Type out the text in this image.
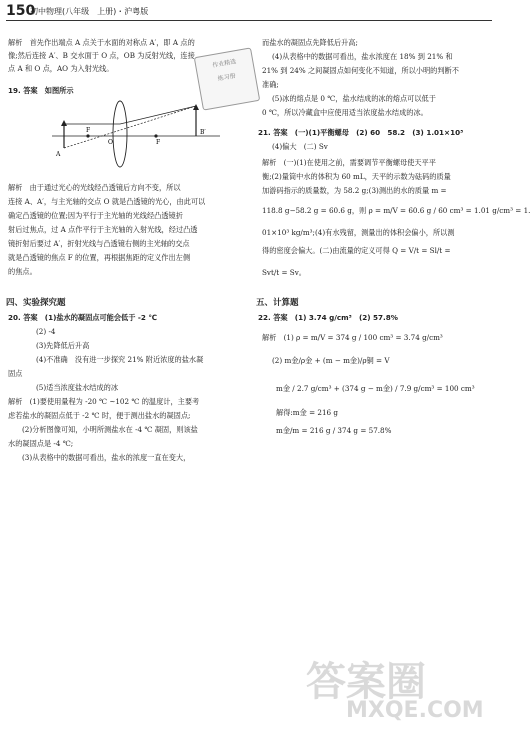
150
初中物理(八年级　上册)・沪粤版
解析　首先作出端点 A 点关于水面的对称点 A′，即 A 点的
像;然后连接 A′、B 交水面于 O 点，OB 为反射光线，连接
点 A 和 O 点，AO 为入射光线。	作业精选
练习册
19. 答案　如图所示
A
F
O	F
B′
解析　由于通过光心的光线经凸透镜后方向不变，所以
连接 A、A′，与主光轴的交点 O 就是凸透镜的光心，由此可以
确定凸透镜的位置;因为平行于主光轴的光线经凸透镜折
射后过焦点，过 A 点作平行于主光轴的入射光线，经过凸透
镜折射后要过 A′，折射光线与凸透镜右侧的主光轴的交点
就是凸透镜的焦点 F 的位置，再根据焦距的定义作出左侧
的焦点。
四、实验探究题
20. 答案　(1)盐水的凝固点可能会低于 -2 ℃
(2) -4
(3)先降低后升高
(4)不准确　没有进一步探究 21% 附近浓度的盐水凝
固点
(5)适当浓度盐水结成的冰
解析　(1)要使用量程为 -20 ℃ ~102 ℃ 的温度计，主要考
虑若盐水的凝固点低于 -2 ℃ 时，便于测出盐水的凝固点;
(2)分析图像可知，小明所测盐水在 -4 ℃ 凝固，则该盐
水的凝固点是 -4 ℃;
(3)从表格中的数据可看出，盐水的浓度一直在变大，
而盐水的凝固点先降低后升高;
(4)从表格中的数据可看出，盐水浓度在 18% 到 21% 和
21% 到 24% 之间凝固点如何变化不知道，所以小明的判断不
准确;
(5)冰的熔点是 0 ℃，盐水结成的冰的熔点可以低于
0 ℃，所以冷藏盒中应使用适当浓度盐水结成的冰。
21. 答案　(一)(1)平衡螺母　(2) 60　58.2　(3) 1.01×10³
(4)偏大　(二) Sv
解析　(一)(1)在使用之前，需要调节平衡螺母使天平平
衡;(2)量筒中水的体积为 60 mL，天平的示数为砝码的质量
加游码指示的质量数，为 58.2 g;(3)测出的水的质量 m =
118.8 g−58.2 g = 60.6 g，则 ρ = m/V = 60.6 g / 60 cm³ = 1.01 g/cm³ = 1.
01×10³ kg/m³;(4)有水残留，测量出的体积会偏小，所以测
得的密度会偏大。(二)由流量的定义可得 Q = V/t = Sl/t =
Svt/t = Sv。
五、计算题
22. 答案　(1) 3.74 g/cm³　(2) 57.8%
解析　(1) ρ = m/V = 374 g / 100 cm³ = 3.74 g/cm³
(2) m金/ρ金 + (m − m金)/ρ铜 = V
m金 / 2.7 g/cm³ + (374 g − m金) / 7.9 g/cm³ = 100 cm³
解得:m金 = 216 g
m金/m = 216 g / 374 g = 57.8%
答案圈
MXQE.COM
